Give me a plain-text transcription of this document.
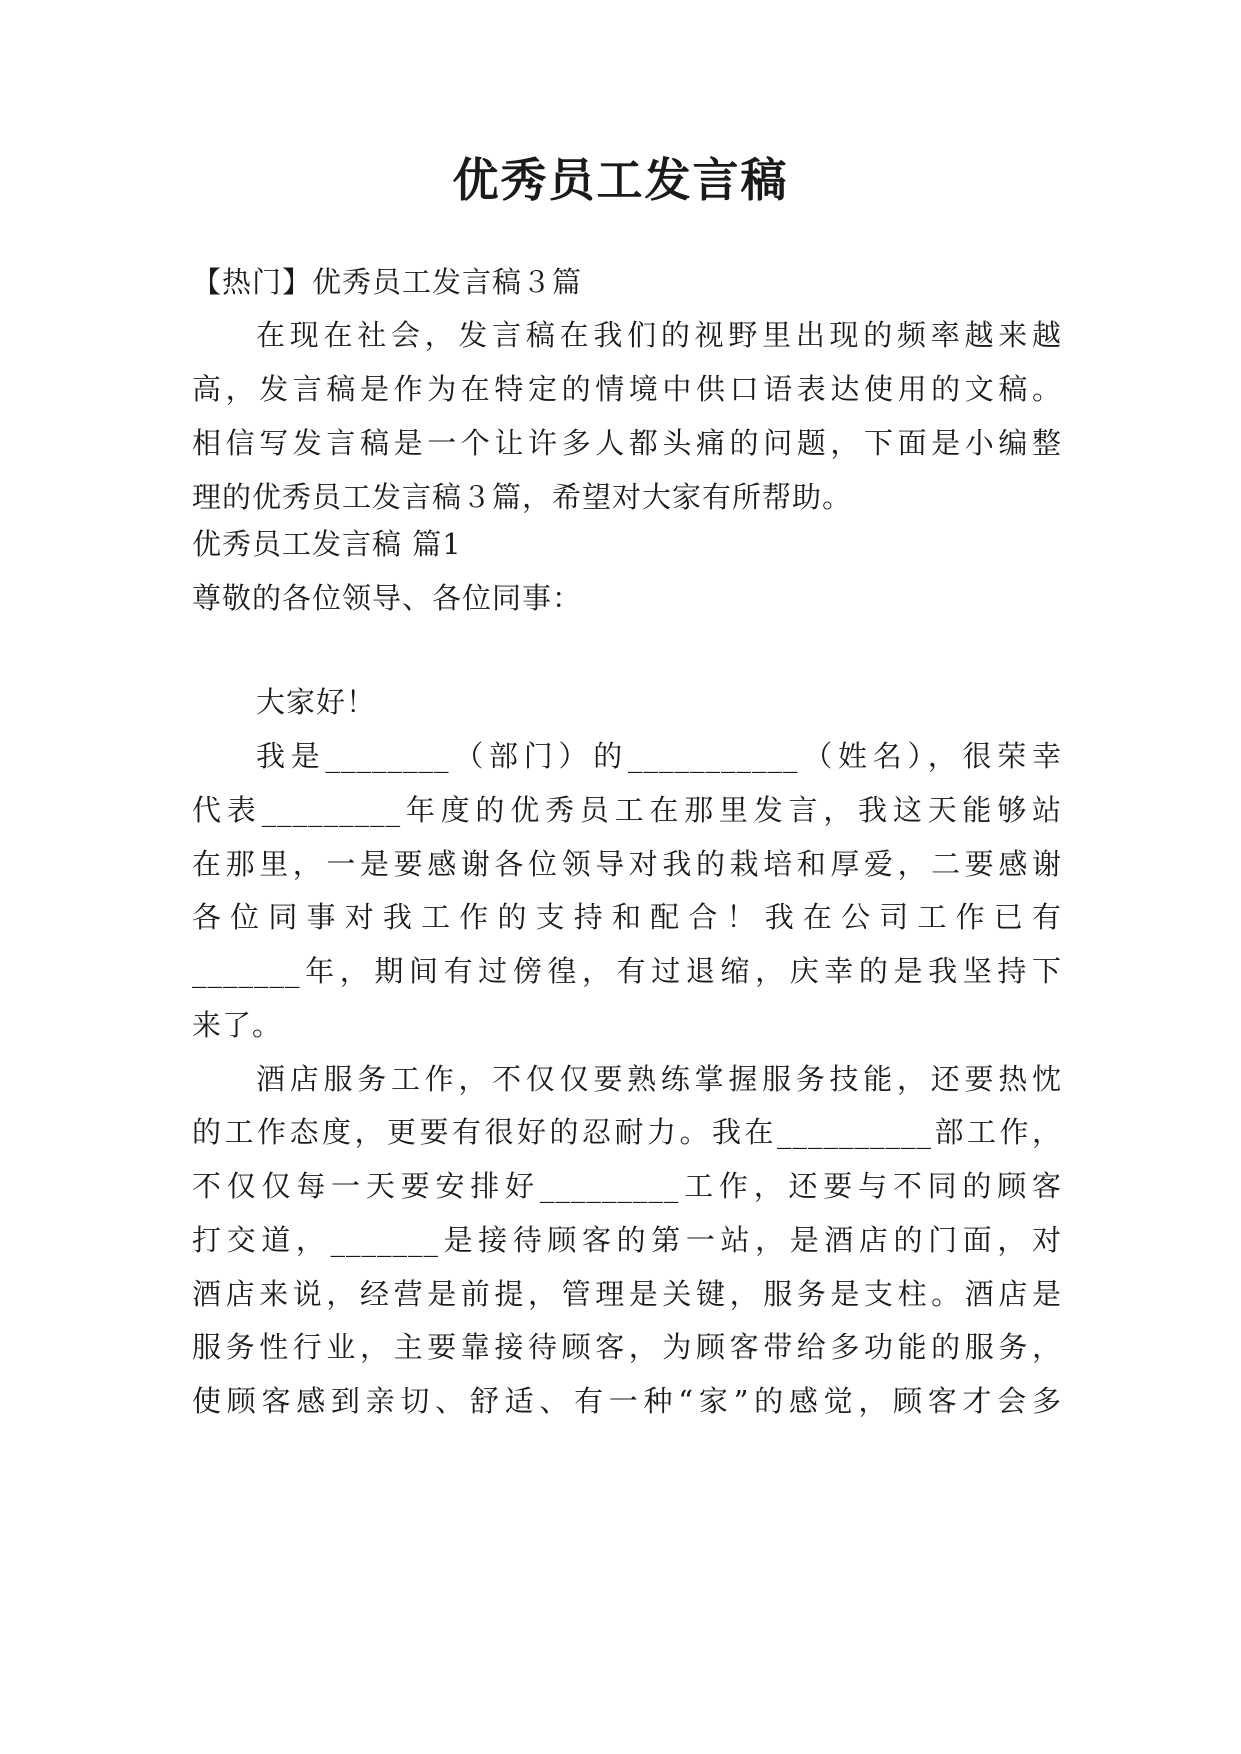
优秀员工发言稿
【热门】优秀员工发言稿３篇
在现在社会，发言稿在我们的视野里出现的频率越来越
高，发言稿是作为在特定的情境中供口语表达使用的文稿。
相信写发言稿是一个让许多人都头痛的问题，下面是小编整
理的优秀员工发言稿３篇，希望对大家有所帮助。
优秀员工发言稿 篇1
尊敬的各位领导、各位同事：
大家好！
我是________（部门）的___________（姓名），很荣幸
代表_________年度的优秀员工在那里发言，我这天能够站
在那里，一是要感谢各位领导对我的栽培和厚爱，二要感谢
各位同事对我工作的支持和配合！我在公司工作已有
_______年，期间有过傍徨，有过退缩，庆幸的是我坚持下
来了。
酒店服务工作，不仅仅要熟练掌握服务技能，还要热忱
的工作态度，更要有很好的忍耐力。我在__________部工作，
不仅仅每一天要安排好_________工作，还要与不同的顾客
打交道，_______是接待顾客的第一站，是酒店的门面，对
酒店来说，经营是前提，管理是关键，服务是支柱。酒店是
服务性行业，主要靠接待顾客，为顾客带给多功能的服务，
使顾客感到亲切、舒适、有一种“家”的感觉，顾客才会多
